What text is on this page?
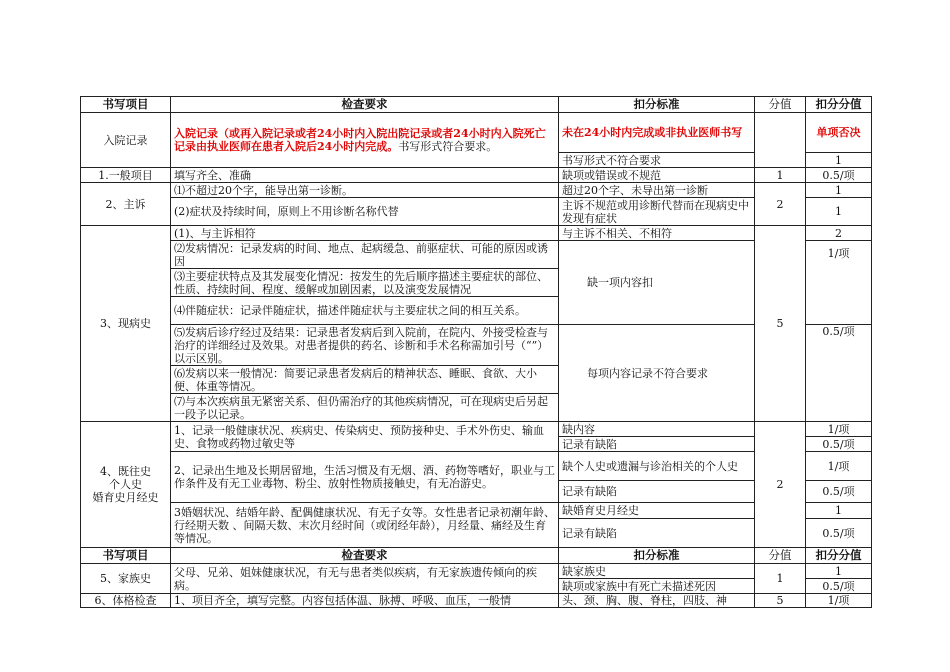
书写项目	检查要求	扣分标准	分值	扣分分值
入院记录	入院记录（或再入院记录或者24小时内入院出院记录或者24小时内入院死亡记录由执业医师在患者入院后24小时内完成。书写形式符合要求。	未在24小时内完成或非执业医师书写		单项否决
		书写形式不符合要求		1
1.一般项目	填写齐全、准确	缺项或错误或不规范	1	0.5/项
2、主诉	⑴不超过20个字，能导出第一诊断。	超过20个字、未导出第一诊断	2	1
	(2)症状及持续时间，原则上不用诊断名称代替	主诉不规范或用诊断代替而在现病史中发现有症状		1
3、现病史	(1)、与主诉相符	与主诉不相关、不相符	5	2
	⑵发病情况：记录发病的时间、地点、起病缓急、前驱症状、可能的原因或诱因	缺一项内容扣		1/项
	⑶主要症状特点及其发展变化情况：按发生的先后顺序描述主要症状的部位、性质、持续时间、程度、缓解或加剧因素，以及演变发展情况			
	⑷伴随症状：记录伴随症状，描述伴随症状与主要症状之间的相互关系。			
	⑸发病后诊疗经过及结果：记录患者发病后到入院前，在院内、外接受检查与治疗的详细经过及效果。对患者提供的药名、诊断和手术名称需加引号（“”）以示区别。	每项内容记录不符合要求		0.5/项
	⑹发病以来一般情况：简要记录患者发病后的精神状态、睡眠、食欲、大小便、体重等情况。			
	⑺与本次疾病虽无紧密关系、但仍需治疗的其他疾病情况，可在现病史后另起一段予以记录。			

4、既往史
个人史
婚育史月经史	1、记录一般健康状况、疾病史、传染病史、预防接种史、手术外伤史、输血史、食物或药物过敏史等	缺内容	2	1/项
		记录有缺陷		0.5/项
	2、记录出生地及长期居留地，生活习惯及有无烟、酒、药物等嗜好，职业与工作条件及有无工业毒物、粉尘、放射性物质接触史，有无冶游史。	缺个人史或遗漏与诊治相关的个人史		1/项
		记录有缺陷		0.5/项
	3婚姻状况、结婚年龄、配偶健康状况、有无子女等。女性患者记录初潮年龄、行经期天数 、间隔天数、末次月经时间（或闭经年龄），月经量、痛经及生育等情况。	缺婚育史月经史		1
		记录有缺陷		0.5/项
书写项目	检查要求	扣分标准	分值	扣分分值
5、家族史	父母、兄弟、姐妹健康状况，有无与患者类似疾病，有无家族遗传倾向的疾病。	缺家族史	1	1
		缺项或家族中有死亡未描述死因		0.5/项
6、体格检查	1、项目齐全，填写完整。内容包括体温、脉搏、呼吸、血压，一般情	头、颈、胸、腹、脊柱，四肢、神	5	1/项
